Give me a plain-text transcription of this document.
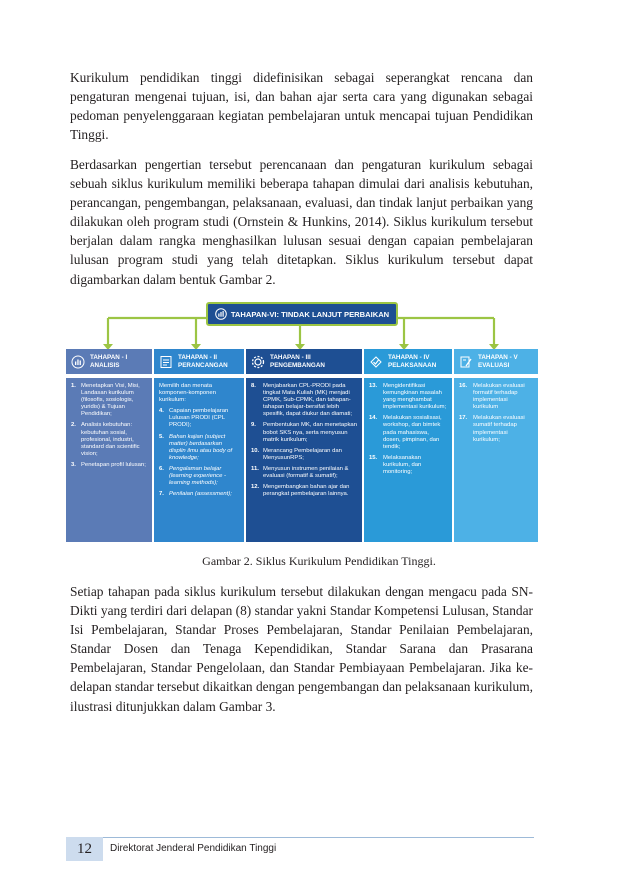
Kurikulum pendidikan tinggi didefinisikan sebagai seperangkat rencana dan pengaturan mengenai tujuan, isi, dan bahan ajar serta cara yang digunakan sebagai pedoman penyelenggaraan kegiatan pembelajaran untuk mencapai tujuan Pendidikan Tinggi.

Berdasarkan pengertian tersebut perencanaan dan pengaturan kurikulum sebagai sebuah siklus kurikulum memiliki beberapa tahapan dimulai dari analisis kebutuhan, perancangan, pengembangan, pelaksanaan, evaluasi, dan tindak lanjut perbaikan yang dilakukan oleh program studi (Ornstein & Hunkins, 2014). Siklus kurikulum tersebut berjalan dalam rangka menghasilkan lulusan sesuai dengan capaian pembelajaran lulusan program studi yang telah ditetapkan. Siklus kurikulum tersebut dapat digambarkan dalam bentuk Gambar 2.

TAHAPAN-VI: TINDAK LANJUT PERBAIKAN
TAHAPAN - I
ANALISIS
TAHAPAN - II
PERANCANGAN
TAHAPAN - III
PENGEMBANGAN
TAHAPAN - IV
PELAKSANAAN
TAHAPAN - V
EVALUASI
1. Menetapkan Visi, Misi, Landasan kurikulum (filosofis, sosiologis, yuridis) & Tujuan Pendidikan;
2. Analisis kebutuhan: kebutuhan sosial, profesional, industri, standard dan scientific vision;
3. Penetapan profil lulusan;
Memilih dan menata komponen-komponen kurikulum:
4. Capaian pembelajaran Lulusan PRODI (CPL PRODI);
5. Bahan kajian (subject matter) berdasarkan displin ilmu atau body of knowledge;
6. Pengalaman belajar (learning experience - learning methods);
7. Penilaian (assessment);
8. Menjabarkan CPL-PRODI pada tingkat Mata Kuliah (MK) menjadi CPMK, Sub-CPMK, dan tahapan-tahapan belajar-bersifat lebih spesifik, dapat diukur dan diamati;
9. Pembentukan MK, dan menetapkan bobot SKS nya, serta menyusun matrik kurikulum;
10. Merancang Pembelajaran dan MenyusunRPS;
11. Menyusun instrumen penilaian & evaluasi (formatif & sumatif);
12. Mengembangkan bahan ajar dan perangkat pembelajaran lainnya.
13. Mengidentifikasi kemungkinan masalah yang menghambat implementasi kurikulum;
14. Melakukan sosialisasi, workshop, dan bimtek pada mahasiswa, dosen, pimpinan, dan tendik;
15. Melaksanakan kurikulum, dan monitoring;
16. Melakukan evaluasi formatif terhadap implementasi kurikulum
17. Melakukan evaluasi sumatif terhadap implementasi kurikulum;
Gambar 2. Siklus Kurikulum Pendidikan Tinggi.

Setiap tahapan pada siklus kurikulum tersebut dilakukan dengan mengacu pada SN-Dikti yang terdiri dari delapan (8) standar yakni Standar Kompetensi Lulusan, Standar Isi Pembelajaran, Standar Proses Pembelajaran, Standar Penilaian Pembelajaran, Standar Dosen dan Tenaga Kependidikan, Standar Sarana dan Prasarana Pembelajaran, Standar Pengelolaan, dan Standar Pembiayaan Pembelajaran. Jika ke-delapan standar tersebut dikaitkan dengan pengembangan dan pelaksanaan kurikulum, ilustrasi ditunjukkan dalam Gambar 3.

12	Direktorat Jenderal Pendidikan Tinggi
